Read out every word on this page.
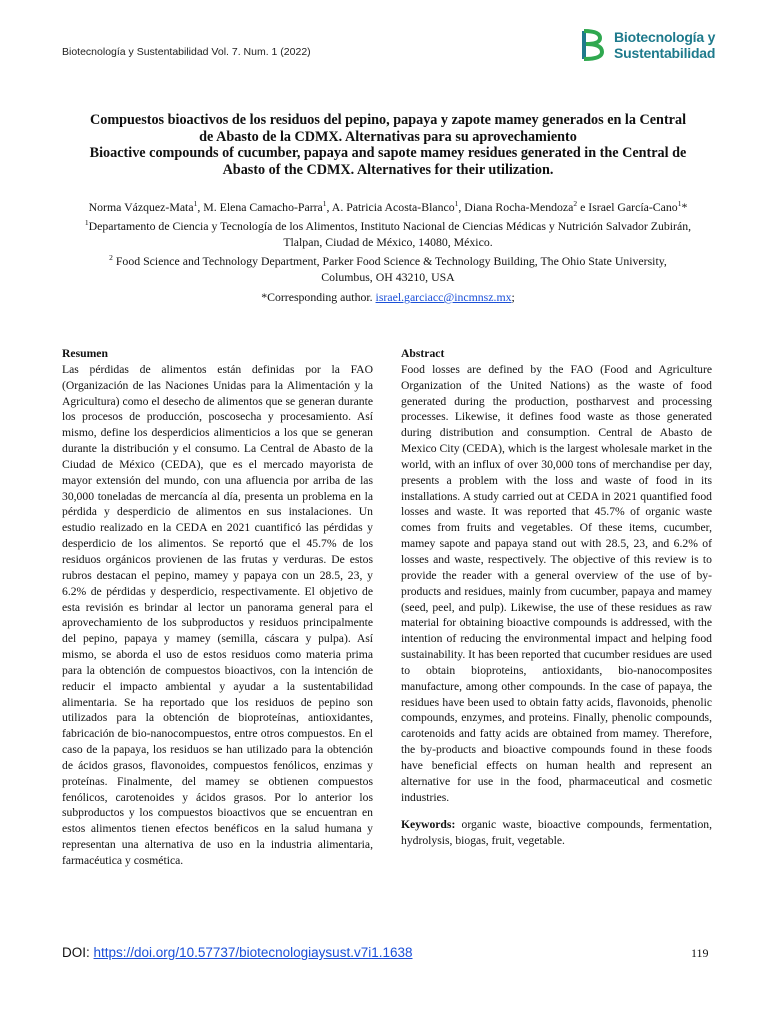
Biotecnología y Sustentabilidad Vol. 7. Num. 1 (2022)
Biotecnología y
Sustentabilidad
Compuestos bioactivos de los residuos del pepino, papaya y zapote mamey generados en la Central
de Abasto de la CDMX. Alternativas para su aprovechamiento
Bioactive compounds of cucumber, papaya and sapote mamey residues generated in the Central de
Abasto of the CDMX. Alternatives for their utilization.
Norma Vázquez-Mata$^1$, M. Elena Camacho-Parra$^1$, A. Patricia Acosta-Blanco$^1$, Diana Rocha-Mendoza$^2$ e Israel García-Cano$^1$*
$^1$Departamento de Ciencia y Tecnología de los Alimentos, Instituto Nacional de Ciencias Médicas y Nutrición Salvador Zubirán,
Tlalpan, Ciudad de México, 14080, México.
$^2$ Food Science and Technology Department, Parker Food Science & Technology Building, The Ohio State University,
Columbus, OH 43210, USA
*Corresponding author. israel.garciacc@incmnsz.mx;
Resumen

Las pérdidas de alimentos están definidas por la FAO (Organización de las Naciones Unidas para la Alimentación y la Agricultura) como el desecho de alimentos que se generan durante los procesos de producción, poscosecha y procesamiento. Así mismo, define los desperdicios alimenticios a los que se generan durante la distribución y el consumo. La Central de Abasto de la Ciudad de México (CEDA), que es el mercado mayorista de mayor extensión del mundo, con una afluencia por arriba de las 30,000 toneladas de mercancía al día, presenta un problema en la pérdida y desperdicio de alimentos en sus instalaciones. Un estudio realizado en la CEDA en 2021 cuantificó las pérdidas y desperdicio de los alimentos. Se reportó que el 45.7% de los residuos orgánicos provienen de las frutas y verduras. De estos rubros destacan el pepino, mamey y papaya con un 28.5, 23, y 6.2% de pérdidas y desperdicio, respectivamente. El objetivo de esta revisión es brindar al lector un panorama general para el aprovechamiento de los subproductos y residuos principalmente del pepino, papaya y mamey (semilla, cáscara y pulpa). Así mismo, se aborda el uso de estos residuos como materia prima para la obtención de compuestos bioactivos, con la intención de reducir el impacto ambiental y ayudar a la sustentabilidad alimentaria. Se ha reportado que los residuos de pepino son utilizados para la obtención de bioproteínas, antioxidantes, fabricación de bio-nanocompuestos, entre otros compuestos. En el caso de la papaya, los residuos se han utilizado para la obtención de ácidos grasos, flavonoides, compuestos fenólicos, enzimas y proteínas. Finalmente, del mamey se obtienen compuestos fenólicos, carotenoides y ácidos grasos. Por lo anterior los subproductos y los compuestos bioactivos que se encuentran en estos alimentos tienen efectos benéficos en la salud humana y representan una alternativa de uso en la industria alimentaria, farmacéutica y cosmética.

Abstract

Food losses are defined by the FAO (Food and Agriculture Organization of the United Nations) as the waste of food generated during the production, postharvest and processing processes. Likewise, it defines food waste as those generated during distribution and consumption. Central de Abasto de Mexico City (CEDA), which is the largest wholesale market in the world, with an influx of over 30,000 tons of merchandise per day, presents a problem with the loss and waste of food in its installations. A study carried out at CEDA in 2021 quantified food losses and waste. It was reported that 45.7% of organic waste comes from fruits and vegetables. Of these items, cucumber, mamey sapote and papaya stand out with 28.5, 23, and 6.2% of losses and waste, respectively. The objective of this review is to provide the reader with a general overview of the use of by-products and residues, mainly from cucumber, papaya and mamey (seed, peel, and pulp). Likewise, the use of these residues as raw material for obtaining bioactive compounds is addressed, with the intention of reducing the environmental impact and helping food sustainability. It has been reported that cucumber residues are used to obtain bioproteins, antioxidants, bio-nanocomposites manufacture, among other compounds. In the case of papaya, the residues have been used to obtain fatty acids, flavonoids, phenolic compounds, enzymes, and proteins. Finally, phenolic compounds, carotenoids and fatty acids are obtained from mamey. Therefore, the by-products and bioactive compounds found in these foods have beneficial effects on human health and represent an alternative for use in the food, pharmaceutical and cosmetic industries.

Keywords: organic waste, bioactive compounds, fermentation, hydrolysis, biogas, fruit, vegetable.

DOI: https://doi.org/10.57737/biotecnologiaysust.v7i1.1638	119
